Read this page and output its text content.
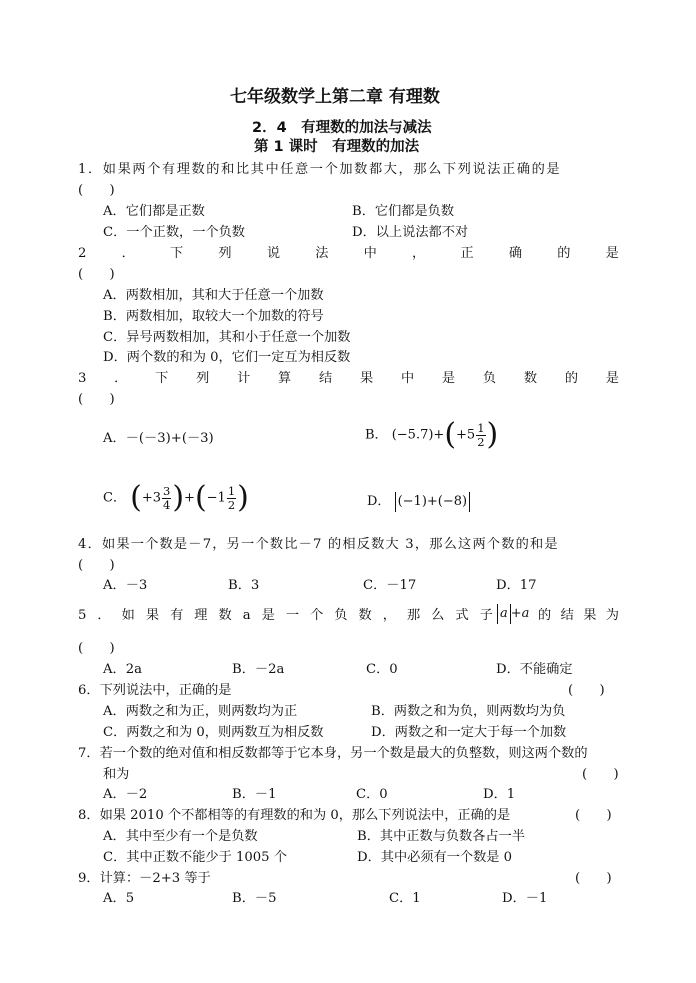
七年级数学上第二章 有理数
2．4　有理数的加法与减法
第 1 课时　有理数的加法
1．如果两个有理数的和比其中任意一个加数都大，那么下列说法正确的是
(　　)
A．它们都是正数	B．它们都是负数
C．一个正数，一个负数	D．以上说法都不对
2	．	下	列	说	法	中	，	正	确	的	是
(　　)
A．两数相加，其和大于任意一个加数
B．两数相加，取较大一个加数的符号
C．异号两数相加，其和小于任意一个加数
D．两个数的和为 0，它们一定互为相反数
3 ． 下 列 计 算 结 果 中 是 负 数 的 是
(　　)
A．－(－3)+(－3)	B． $(-5.7)+(+5 \frac{1}{2}$ )
C． $(+3 \frac{3}{4} )+(-1 \frac{1}{2}$ )	D． (−1)+(−8)
4．如果一个数是－7，另一个数比－7 的相反数大 3，那么这两个数的和是
(　　)
A．－3	B．3	C．－17	D．17
5 ． 如 果 有 理 数 a 是 一 个 负 数 ， 那 么 式 子 a +a 的 结 果 为
(　　)
A．2a	B．－2a	C．0	D．不能确定
6．下列说法中，正确的是	(　　)
A．两数之和为正，则两数均为正	B．两数之和为负，则两数均为负
C．两数之和为 0，则两数互为相反数	D．两数之和一定大于每一个加数
7．若一个数的绝对值和相反数都等于它本身，另一个数是最大的负整数，则这两个数的
和为	(　　)
A．－2	B．－1	C．0	D．1
8．如果 2010 个不都相等的有理数的和为 0，那么下列说法中，正确的是	(　　)
A．其中至少有一个是负数	B．其中正数与负数各占一半
C．其中正数不能少于 1005 个	D．其中必须有一个数是 0
9．计算：－2+3 等于	(　　)
A．5	B．－5	C．1	D．－1
